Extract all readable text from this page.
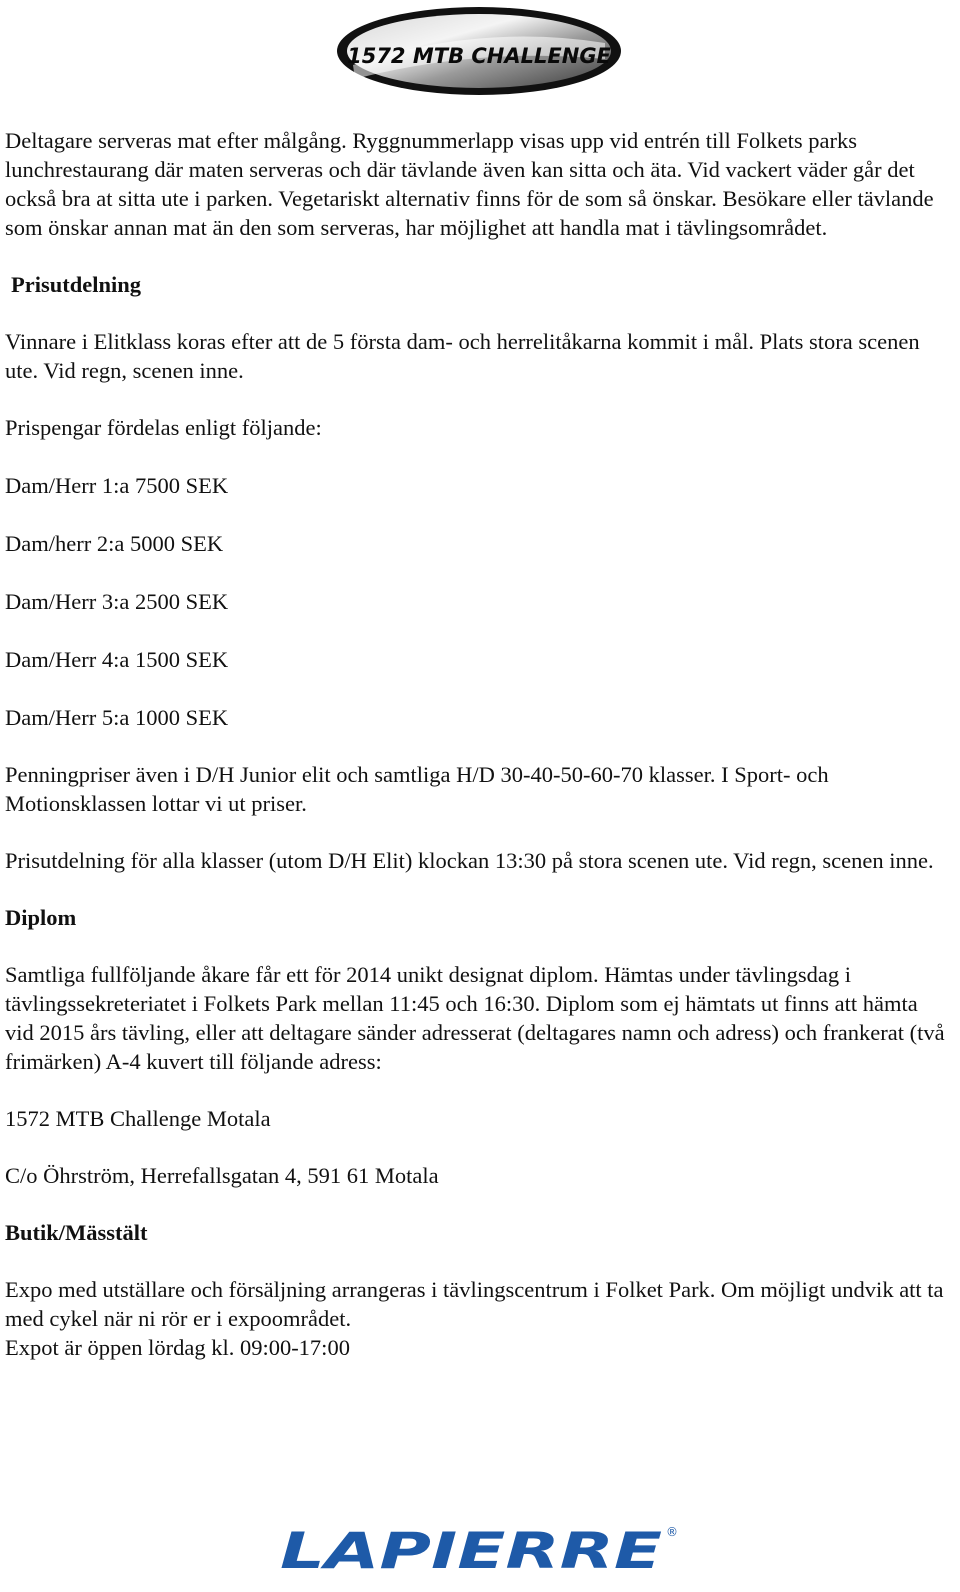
1572 MTB CHALLENGE

Deltagare serveras mat efter målgång. Ryggnummerlapp visas upp vid entrén till Folkets parks lunchrestaurang där maten serveras och där tävlande även kan sitta och äta. Vid vackert väder går det också bra at sitta ute i parken. Vegetariskt alternativ finns för de som så önskar. Besökare eller tävlande som önskar annan mat än den som serveras, har möjlighet att handla mat i tävlingsområdet.

Prisutdelning

Vinnare i Elitklass koras efter att de 5 första dam- och herrelitåkarna kommit i mål. Plats stora scenen ute. Vid regn, scenen inne.

Prispengar fördelas enligt följande:

Dam/Herr 1:a 7500 SEK

Dam/herr 2:a 5000 SEK

Dam/Herr 3:a 2500 SEK

Dam/Herr 4:a 1500 SEK

Dam/Herr 5:a 1000 SEK

Penningpriser även i D/H Junior elit och samtliga H/D 30-40-50-60-70 klasser. I Sport- och Motionsklassen lottar vi ut priser.

Prisutdelning för alla klasser (utom D/H Elit) klockan 13:30 på stora scenen ute. Vid regn, scenen inne.

Diplom

Samtliga fullföljande åkare får ett för 2014 unikt designat diplom. Hämtas under tävlingsdag i tävlingssekreteriatet i Folkets Park mellan 11:45 och 16:30. Diplom som ej hämtats ut finns att hämta vid 2015 års tävling, eller att deltagare sänder adresserat (deltagares namn och adress) och frankerat (två frimärken) A-4 kuvert till följande adress:

1572 MTB Challenge Motala

C/o Öhrström, Herrefallsgatan 4, 591 61 Motala

Butik/Mässtält

Expo med utställare och försäljning arrangeras i tävlingscentrum i Folket Park. Om möjligt undvik att ta med cykel när ni rör er i expoområdet.

Expot är öppen lördag kl. 09:00-17:00

LAPIERRE ®
